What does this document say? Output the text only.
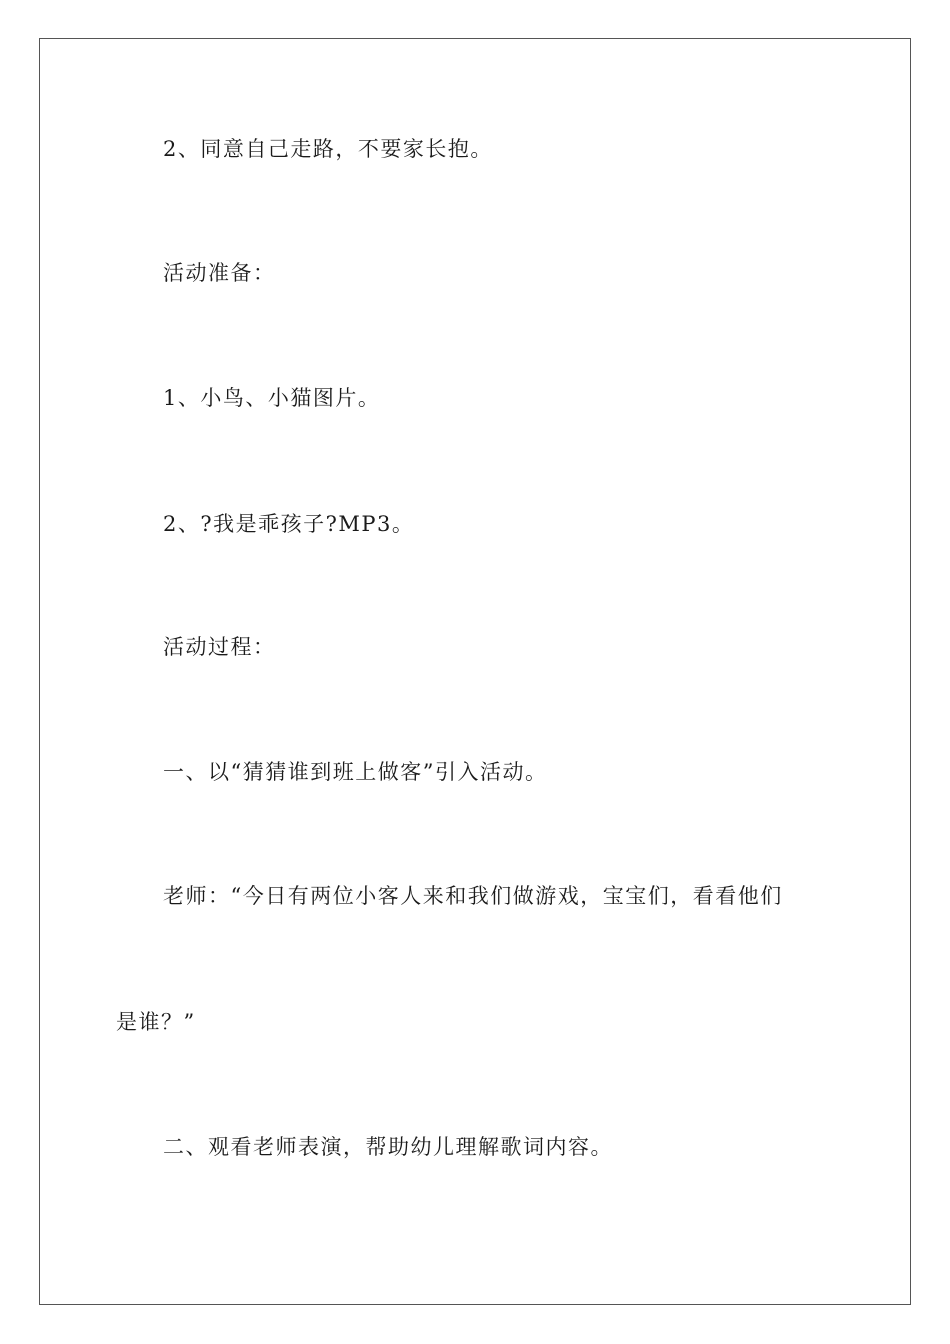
2、同意自己走路，不要家长抱。
活动准备：
1、小鸟、小猫图片。
2、?我是乖孩子?MP3。
活动过程：
一、以“猜猜谁到班上做客”引入活动。
老师：“今日有两位小客人来和我们做游戏，宝宝们，看看他们
是谁？”
二、观看老师表演，帮助幼儿理解歌词内容。
